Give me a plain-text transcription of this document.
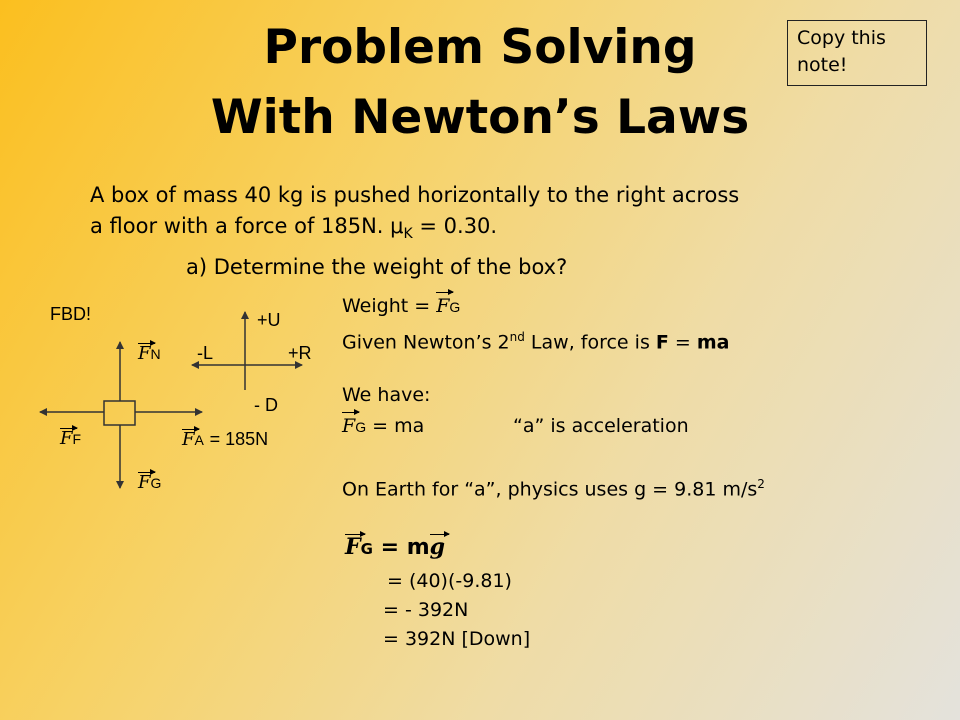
Problem Solving
With Newton’s Laws
Copy this note!
A box of mass 40 kg is pushed horizontally to the right across
a floor with a force of 185N. $\mu_K = 0.30$.
a) Determine the weight of the box?
FBD!
FN
FF	FA = 185N
FG
+U
-L	+R
- D
Weight = FG
Given Newton’s 2nd Law, force is F = ma
We have:
FG = ma	“a” is acceleration
On Earth for “a”, physics uses g = 9.81 $m/s^2$
FG = mg
= (40)(-9.81)
= - 392N
= 392N [Down]
